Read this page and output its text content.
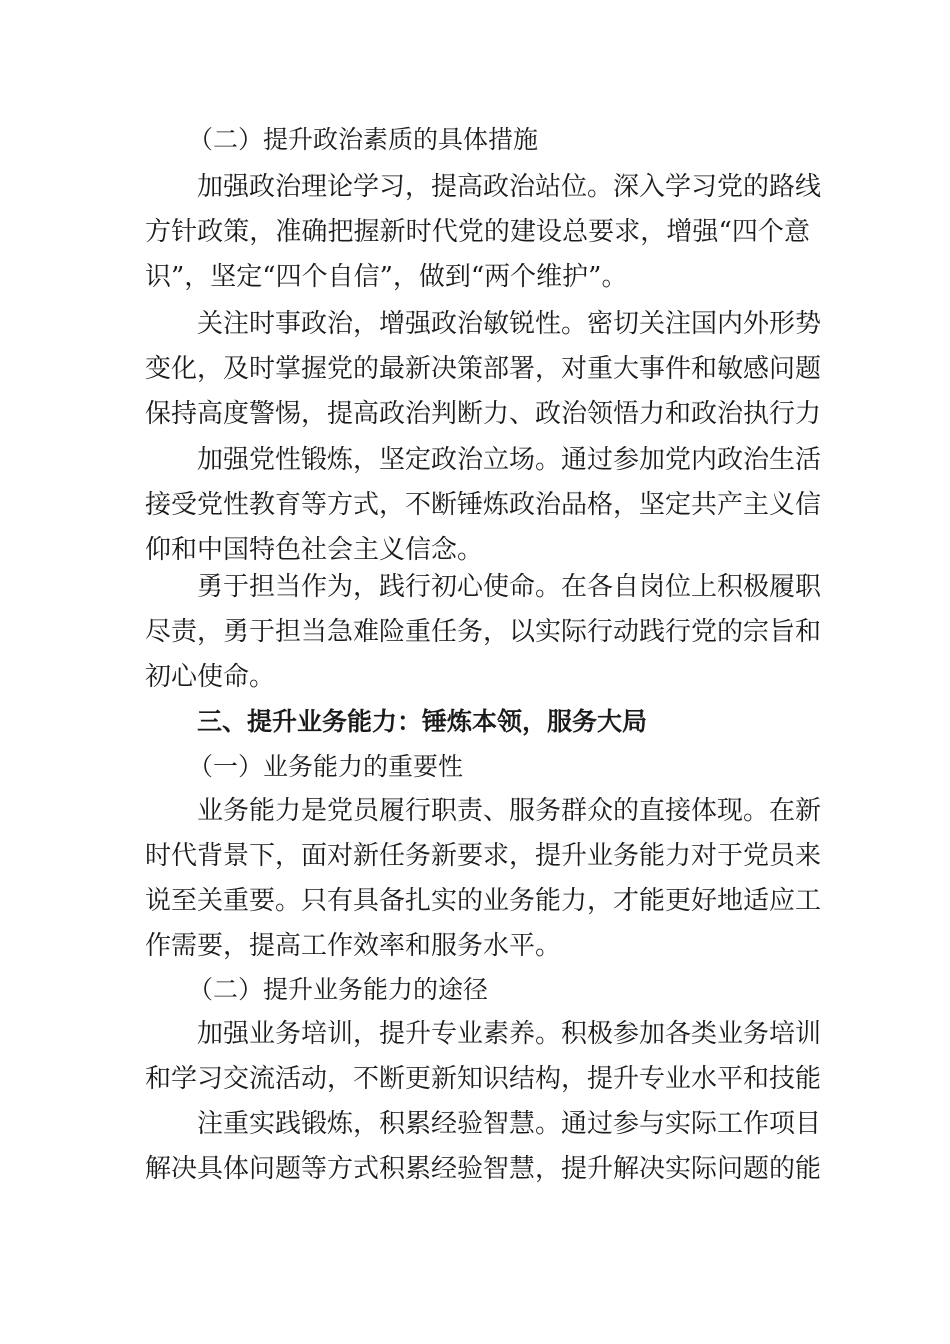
（二）提升政治素质的具体措施
加强政治理论学习，提高政治站位。深入学习党的路线
方针政策，准确把握新时代党的建设总要求，增强“四个意
识”，坚定“四个自信”，做到“两个维护”。
关注时事政治，增强政治敏锐性。密切关注国内外形势
变化，及时掌握党的最新决策部署，对重大事件和敏感问题
保持高度警惕，提高政治判断力、政治领悟力和政治执行力
加强党性锻炼，坚定政治立场。通过参加党内政治生活
接受党性教育等方式，不断锤炼政治品格，坚定共产主义信
仰和中国特色社会主义信念。
勇于担当作为，践行初心使命。在各自岗位上积极履职
尽责，勇于担当急难险重任务，以实际行动践行党的宗旨和
初心使命。
三、提升业务能力：锤炼本领，服务大局
（一）业务能力的重要性
业务能力是党员履行职责、服务群众的直接体现。在新
时代背景下，面对新任务新要求，提升业务能力对于党员来
说至关重要。只有具备扎实的业务能力，才能更好地适应工
作需要，提高工作效率和服务水平。
（二）提升业务能力的途径
加强业务培训，提升专业素养。积极参加各类业务培训
和学习交流活动，不断更新知识结构，提升专业水平和技能
注重实践锻炼，积累经验智慧。通过参与实际工作项目
解决具体问题等方式积累经验智慧，提升解决实际问题的能
